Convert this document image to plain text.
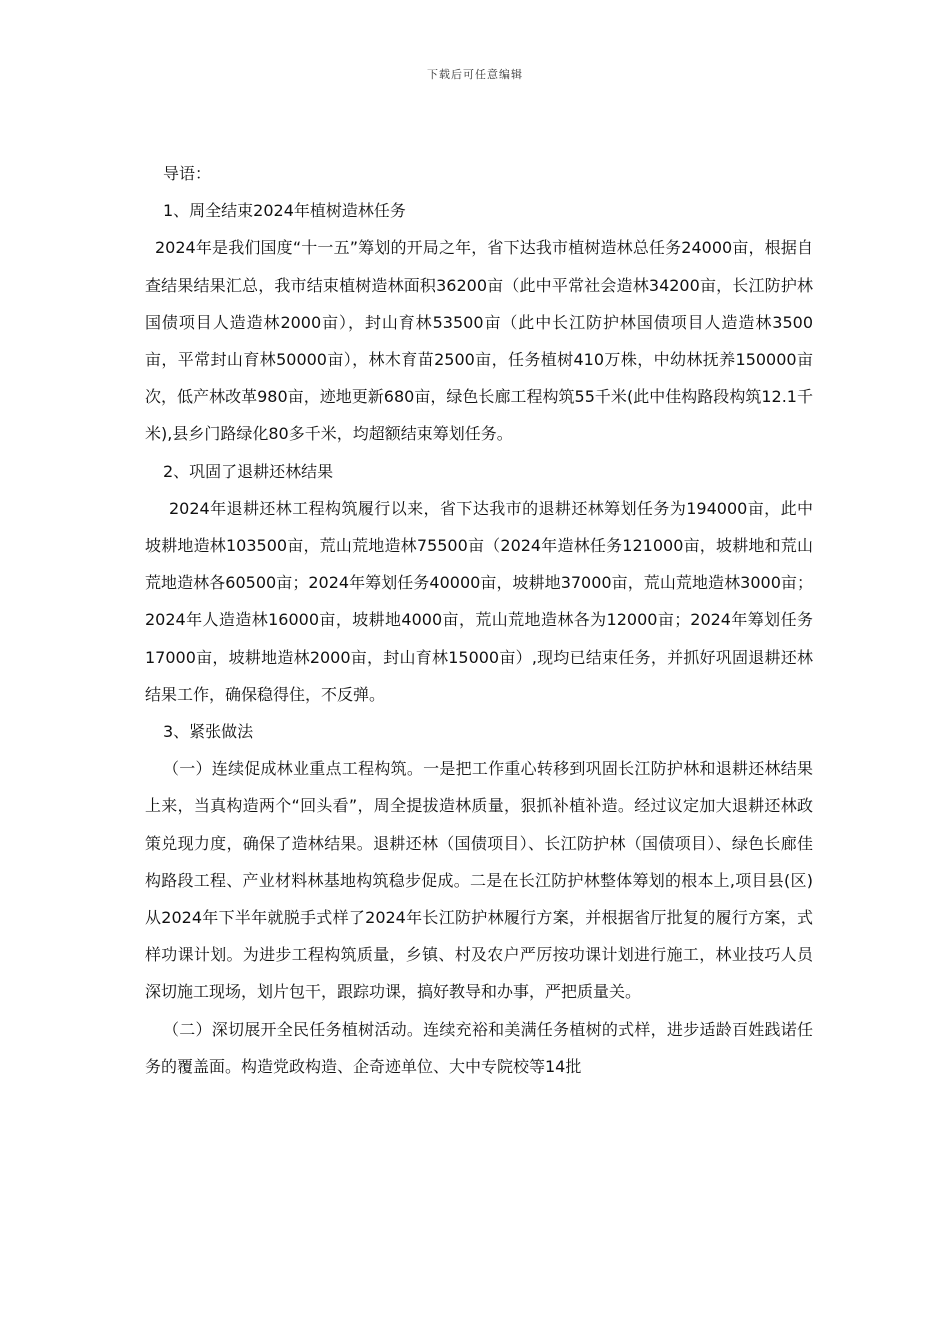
下载后可任意编辑

导语：

1、周全结束2024年植树造林任务

2024年是我们国度“十一五”筹划的开局之年，省下达我市植树造林总任务24000亩，根据自查结果结果汇总，我市结束植树造林面积36200亩（此中平常社会造林34200亩，长江防护林国债项目人造造林2000亩），封山育林53500亩（此中长江防护林国债项目人造造林3500亩，平常封山育林50000亩），林木育苗2500亩，任务植树410万株，中幼林抚养150000亩次，低产林改革980亩，迹地更新680亩，绿色长廊工程构筑55千米(此中佳构路段构筑12.1千米),县乡门路绿化80多千米，均超额结束筹划任务。

2、巩固了退耕还林结果

2024年退耕还林工程构筑履行以来，省下达我市的退耕还林筹划任务为194000亩，此中坡耕地造林103500亩，荒山荒地造林75500亩（2024年造林任务121000亩，坡耕地和荒山荒地造林各60500亩；2024年筹划任务40000亩，坡耕地37000亩，荒山荒地造林3000亩；2024年人造造林16000亩，坡耕地4000亩，荒山荒地造林各为12000亩；2024年筹划任务17000亩，坡耕地造林2000亩，封山育林15000亩）,现均已结束任务，并抓好巩固退耕还林结果工作，确保稳得住，不反弹。

3、紧张做法

（一）连续促成林业重点工程构筑。一是把工作重心转移到巩固长江防护林和退耕还林结果上来，当真构造两个“回头看”，周全提拔造林质量，狠抓补植补造。经过议定加大退耕还林政策兑现力度，确保了造林结果。退耕还林（国债项目）、长江防护林（国债项目）、绿色长廊佳构路段工程、产业材料林基地构筑稳步促成。二是在长江防护林整体筹划的根本上,项目县(区)从2024年下半年就脱手式样了2024年长江防护林履行方案，并根据省厅批复的履行方案，式样功课计划。为进步工程构筑质量，乡镇、村及农户严厉按功课计划进行施工，林业技巧人员深切施工现场，划片包干，跟踪功课，搞好教导和办事，严把质量关。

（二）深切展开全民任务植树活动。连续充裕和美满任务植树的式样，进步适龄百姓践诺任务的覆盖面。构造党政构造、企奇迹单位、大中专院校等14批
